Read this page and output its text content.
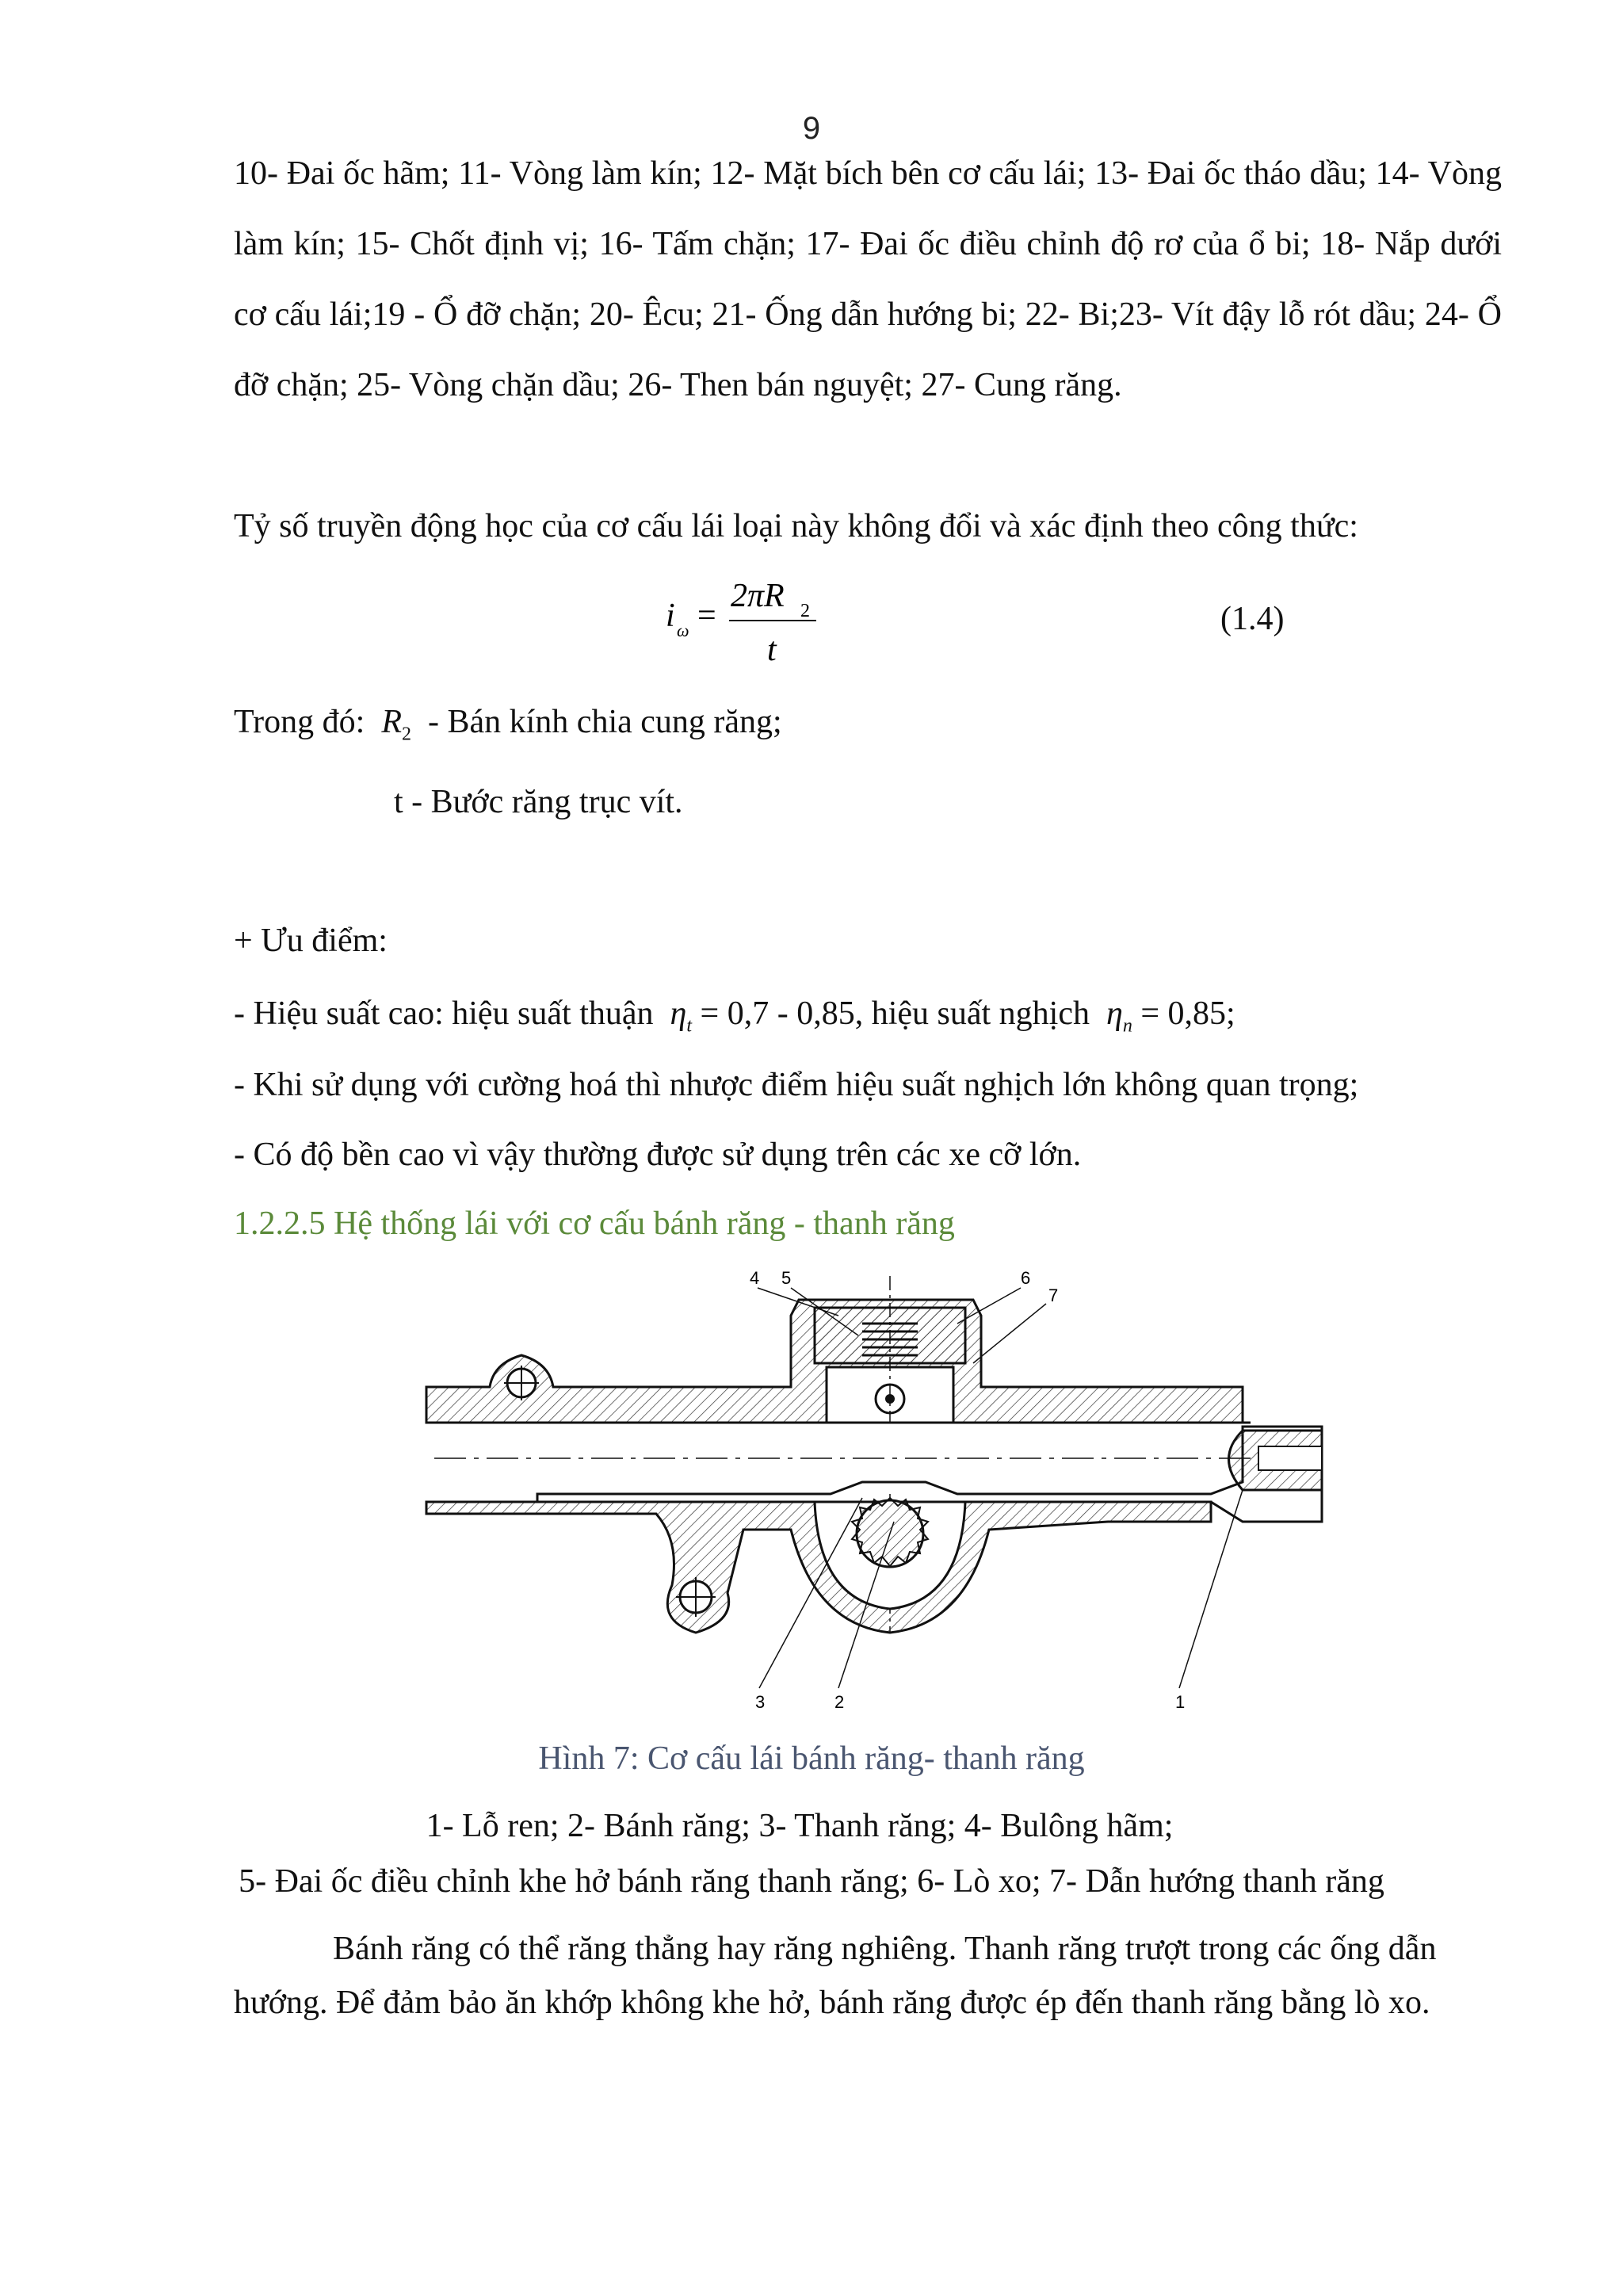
9
10- Đai ốc hãm; 11- Vòng làm kín; 12- Mặt bích bên cơ cấu lái; 13- Đai ốc tháo dầu; 14- Vòng làm kín; 15- Chốt định vị; 16- Tấm chặn; 17- Đai ốc điều chỉnh độ rơ của ổ bi; 18- Nắp dưới cơ cấu lái;19 - Ổ đỡ chặn; 20- Êcu; 21- Ống dẫn hướng bi; 22- Bi;23- Vít đậy lỗ rót dầu; 24- Ổ đỡ chặn; 25- Vòng chặn dầu; 26- Then bán nguyệt; 27- Cung răng.
Tỷ số truyền động học của cơ cấu lái loại này không đổi và xác định theo công thức:
i ω =
2πR 2
t
(1.4)
Trong đó: $R_2$ - Bán kính chia cung răng;
t - Bước răng trục vít.
+ Ưu điểm:
- Hiệu suất cao: hiệu suất thuận $\eta_t = 0,7 - 0,85$, hiệu suất nghịch $\eta_n = 0,85$;
- Khi sử dụng với cường hoá thì nhược điểm hiệu suất nghịch lớn không quan trọng;
- Có độ bền cao vì vậy thường được sử dụng trên các xe cỡ lớn.
1.2.2.5 Hệ thống lái với cơ cấu bánh răng - thanh răng
4 5	6
7
3	2	1
Hình 7: Cơ cấu lái bánh răng- thanh răng
1- Lỗ ren; 2- Bánh răng; 3- Thanh răng; 4- Bulông hãm;
5- Đai ốc điều chỉnh khe hở bánh răng thanh răng; 6- Lò xo; 7- Dẫn hướng thanh răng
Bánh răng có thể răng thẳng hay răng nghiêng. Thanh răng trượt trong các ống dẫn hướng. Để đảm bảo ăn khớp không khe hở, bánh răng được ép đến thanh răng bằng lò xo.
